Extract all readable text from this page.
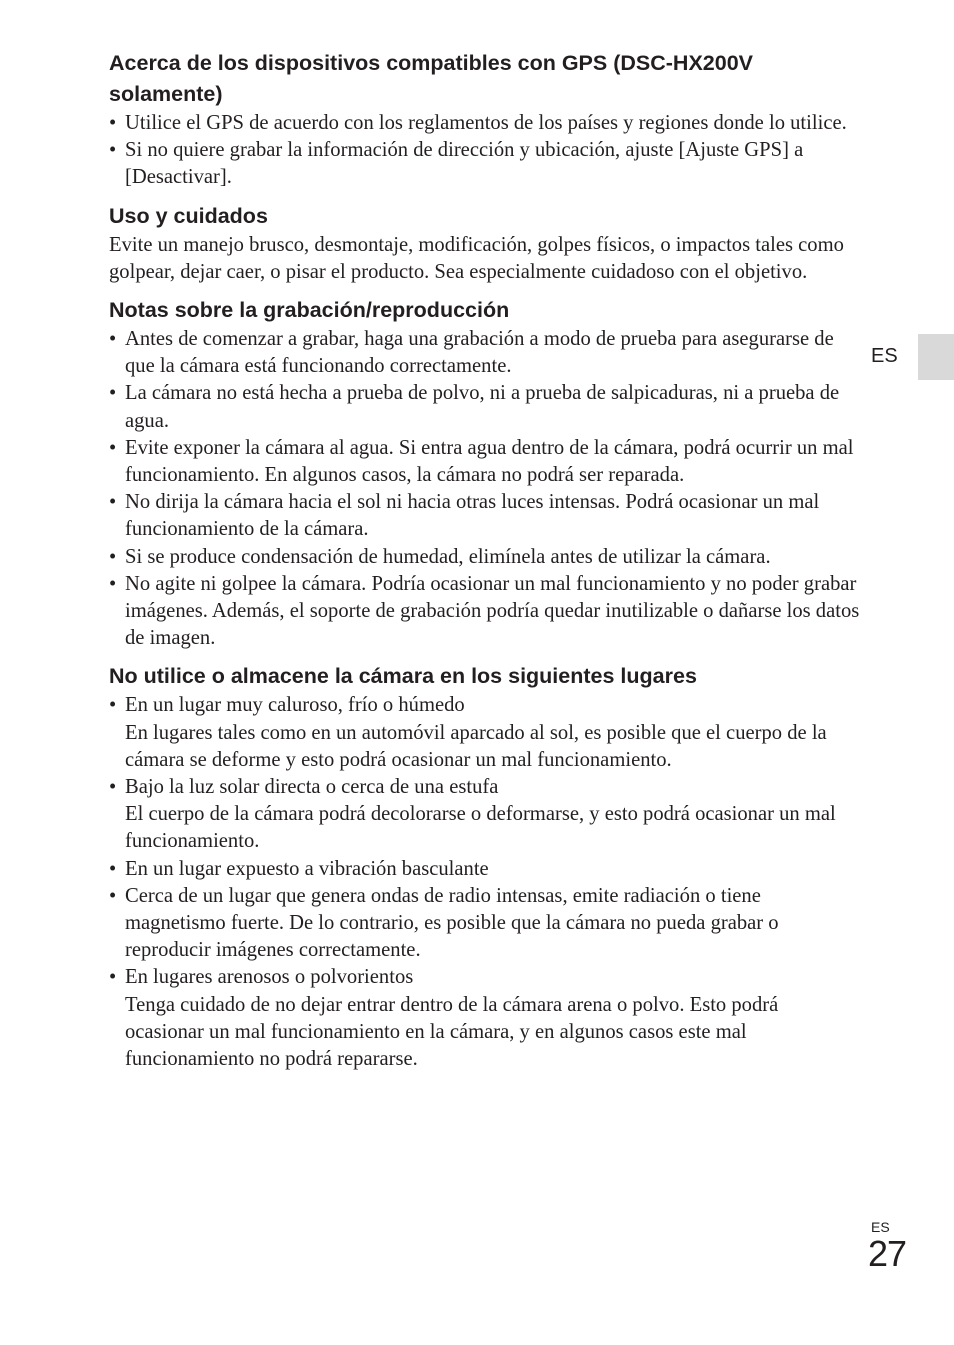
Acerca de los dispositivos compatibles con GPS (DSC-HX200V solamente)
• Utilice el GPS de acuerdo con los reglamentos de los países y regiones donde lo utilice.
• Si no quiere grabar la información de dirección y ubicación, ajuste [Ajuste GPS] a [Desactivar].
Uso y cuidados

Evite un manejo brusco, desmontaje, modificación, golpes físicos, o impactos tales como golpear, dejar caer, o pisar el producto. Sea especialmente cuidadoso con el objetivo.

Notas sobre la grabación/reproducción
• Antes de comenzar a grabar, haga una grabación a modo de prueba para asegurarse de que la cámara está funcionando correctamente.
• La cámara no está hecha a prueba de polvo, ni a prueba de salpicaduras, ni a prueba de agua.
• Evite exponer la cámara al agua. Si entra agua dentro de la cámara, podrá ocurrir un mal funcionamiento. En algunos casos, la cámara no podrá ser reparada.
• No dirija la cámara hacia el sol ni hacia otras luces intensas. Podrá ocasionar un mal funcionamiento de la cámara.
• Si se produce condensación de humedad, elimínela antes de utilizar la cámara.
• No agite ni golpee la cámara. Podría ocasionar un mal funcionamiento y no poder grabar imágenes. Además, el soporte de grabación podría quedar inutilizable o dañarse los datos de imagen.
No utilice o almacene la cámara en los siguientes lugares
• En un lugar muy caluroso, frío o húmedo
En lugares tales como en un automóvil aparcado al sol, es posible que el cuerpo de la cámara se deforme y esto podrá ocasionar un mal funcionamiento.
• Bajo la luz solar directa o cerca de una estufa
El cuerpo de la cámara podrá decolorarse o deformarse, y esto podrá ocasionar un mal funcionamiento.
• En un lugar expuesto a vibración basculante
• Cerca de un lugar que genera ondas de radio intensas, emite radiación o tiene magnetismo fuerte. De lo contrario, es posible que la cámara no pueda grabar o reproducir imágenes correctamente.
• En lugares arenosos o polvorientos
Tenga cuidado de no dejar entrar dentro de la cámara arena o polvo. Esto podrá ocasionar un mal funcionamiento en la cámara, y en algunos casos este mal funcionamiento no podrá repararse.
ES
ES
27
